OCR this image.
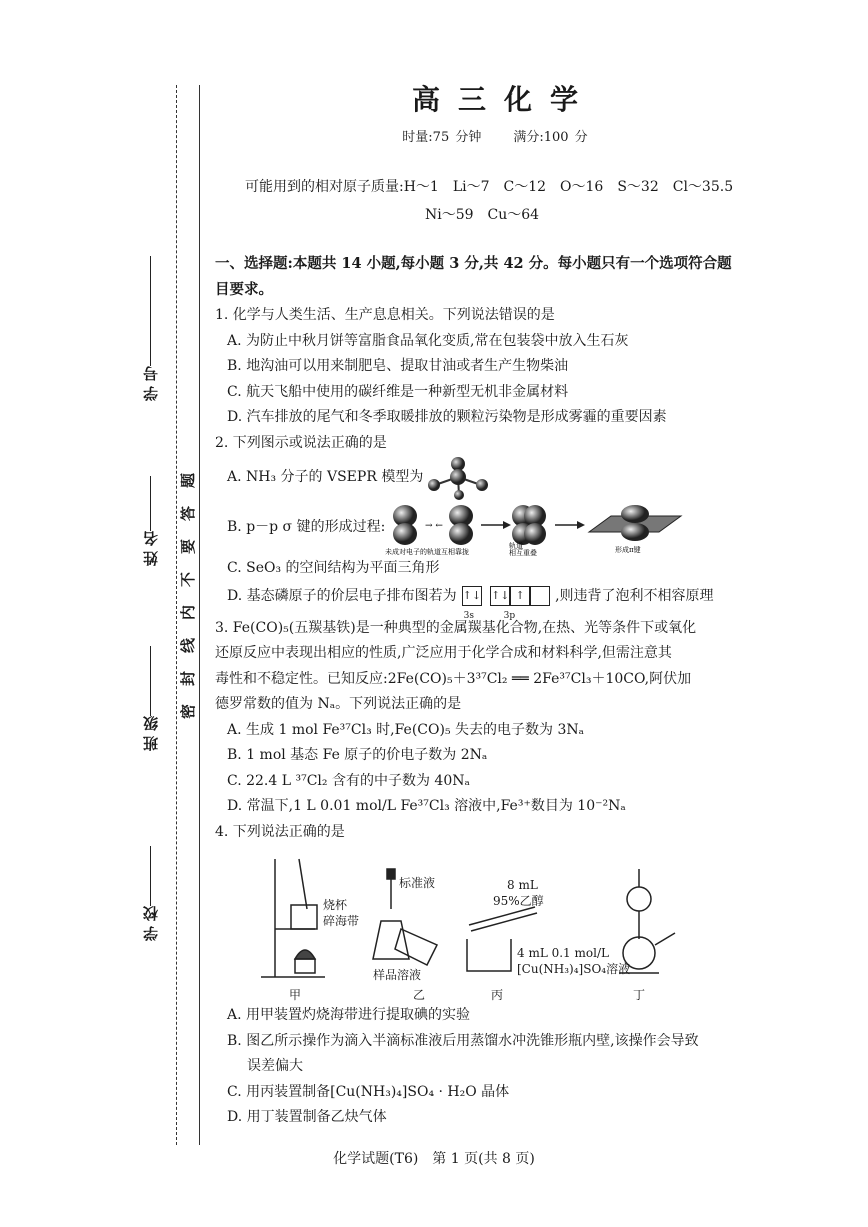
学 号
姓 名
班 级
学 校
题
答
要
不
内
线
封
密
高三化学
时量:75 分钟 满分:100 分
可能用到的相对原子质量:H～1　Li～7　C～12　O～16　S～32　Cl～35.5
Ni～59　Cu～64
一、选择题:本题共 14 小题,每小题 3 分,共 42 分。每小题只有一个选项符合题
目要求。
1. 化学与人类生活、生产息息相关。下列说法错误的是
A. 为防止中秋月饼等富脂食品氧化变质,常在包装袋中放入生石灰
B. 地沟油可以用来制肥皂、提取甘油或者生产生物柴油
C. 航天飞船中使用的碳纤维是一种新型无机非金属材料
D. 汽车排放的尾气和冬季取暖排放的颗粒污染物是形成雾霾的重要因素
2. 下列图示或说法正确的是
A. NH₃ 分子的 VSEPR 模型为
B. p－p σ 键的形成过程:	→ ←
未成对电子的轨道互相靠拢
轨道
相互重叠	形成π键
C. SeO₃ 的空间结构为平面三角形
D. 基态磷原子的价层电子排布图若为 ↑↓
↑↓ ↑
3s	3p
,则违背了泡利不相容原理
3. Fe(CO)₅(五羰基铁)是一种典型的金属羰基化合物,在热、光等条件下或氧化
还原反应中表现出相应的性质,广泛应用于化学合成和材料科学,但需注意其
毒性和不稳定性。已知反应:2Fe(CO)₅＋3³⁷Cl₂ ══ 2Fe³⁷Cl₃＋10CO,阿伏加
德罗常数的值为 Nₐ。下列说法正确的是
A. 生成 1 mol Fe³⁷Cl₃ 时,Fe(CO)₅ 失去的电子数为 3Nₐ
B. 1 mol 基态 Fe 原子的价电子数为 2Nₐ
C. 22.4 L ³⁷Cl₂ 含有的中子数为 40Nₐ
D. 常温下,1 L 0.01 mol/L Fe³⁷Cl₃ 溶液中,Fe³⁺数目为 10⁻²Nₐ
4. 下列说法正确的是
烧杯
碎海带
标准液
样品溶液
8 mL
95%乙醇
4 mL 0.1 mol/L
[Cu(NH₃)₄]SO₄溶液
甲	乙	丙	丁
A. 用甲装置灼烧海带进行提取碘的实验
B. 图乙所示操作为滴入半滴标准液后用蒸馏水冲洗锥形瓶内壁,该操作会导致
误差偏大
C. 用丙装置制备[Cu(NH₃)₄]SO₄ · H₂O 晶体
D. 用丁装置制备乙炔气体
化学试题(T6)　第 1 页(共 8 页)
